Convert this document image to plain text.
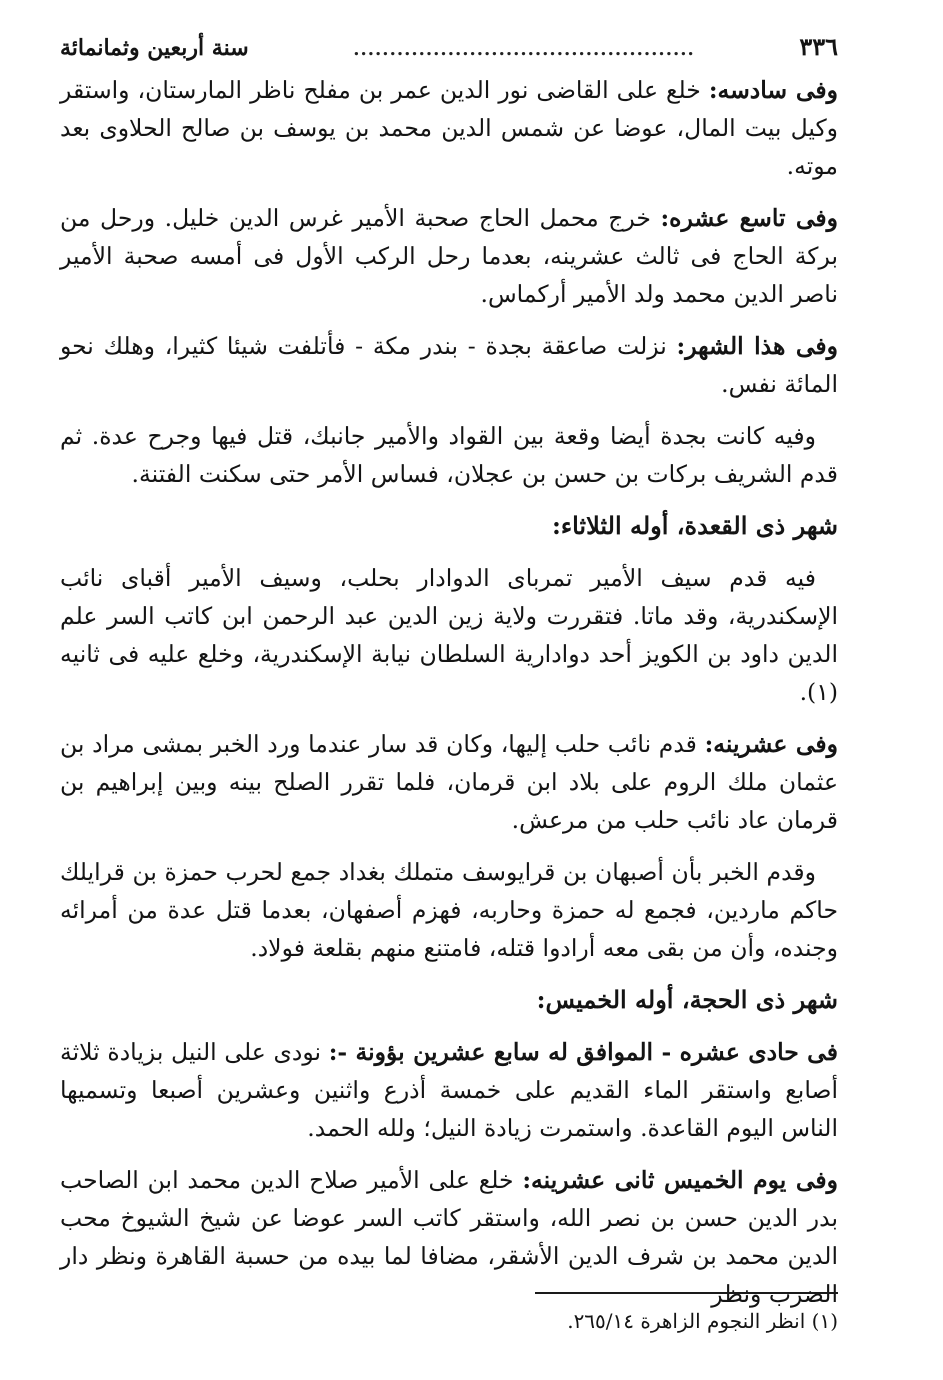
٣٣٦
...............................................
سنة أربعين وثمانمائة

وفى سادسه: خلع على القاضى نور الدين عمر بن مفلح ناظر المارستان، واستقر وكيل بيت المال، عوضا عن شمس الدين محمد بن يوسف بن صالح الحلاوى بعد موته.

وفى تاسع عشره: خرج محمل الحاج صحبة الأمير غرس الدين خليل. ورحل من بركة الحاج فى ثالث عشرينه، بعدما رحل الركب الأول فى أمسه صحبة الأمير ناصر الدين محمد ولد الأمير أركماس.

وفى هذا الشهر: نزلت صاعقة بجدة - بندر مكة - فأتلفت شيئا كثيرا، وهلك نحو المائة نفس.

وفيه كانت بجدة أيضا وقعة بين القواد والأمير جانبك، قتل فيها وجرح عدة. ثم قدم الشريف بركات بن حسن بن عجلان، فساس الأمر حتى سكنت الفتنة.

شهر ذى القعدة، أوله الثلاثاء:

فيه قدم سيف الأمير تمرباى الدوادار بحلب، وسيف الأمير أقباى نائب الإسكندرية، وقد ماتا. فتقررت ولاية زين الدين عبد الرحمن ابن كاتب السر علم الدين داود بن الكويز أحد دوادارية السلطان نيابة الإسكندرية، وخلع عليه فى ثانيه (١).

وفى عشرينه: قدم نائب حلب إليها، وكان قد سار عندما ورد الخبر بمشى مراد بن عثمان ملك الروم على بلاد ابن قرمان، فلما تقرر الصلح بينه وبين إبراهيم بن قرمان عاد نائب حلب من مرعش.

وقدم الخبر بأن أصبهان بن قرايوسف متملك بغداد جمع لحرب حمزة بن قرايلك حاكم ماردين، فجمع له حمزة وحاربه، فهزم أصفهان، بعدما قتل عدة من أمرائه وجنده، وأن من بقى معه أرادوا قتله، فامتنع منهم بقلعة فولاد.

شهر ذى الحجة، أوله الخميس:

فى حادى عشره - الموافق له سابع عشرين بؤونة -: نودى على النيل بزيادة ثلاثة أصابع واستقر الماء القديم على خمسة أذرع واثنين وعشرين أصبعا وتسميها الناس اليوم القاعدة. واستمرت زيادة النيل؛ ولله الحمد.

وفى يوم الخميس ثانى عشرينه: خلع على الأمير صلاح الدين محمد ابن الصاحب بدر الدين حسن بن نصر الله، واستقر كاتب السر عوضا عن شيخ الشيوخ محب الدين محمد بن شرف الدين الأشقر، مضافا لما بيده من حسبة القاهرة ونظر دار الضرب ونظر

(١) انظر النجوم الزاهرة ٢٦٥/١٤.
